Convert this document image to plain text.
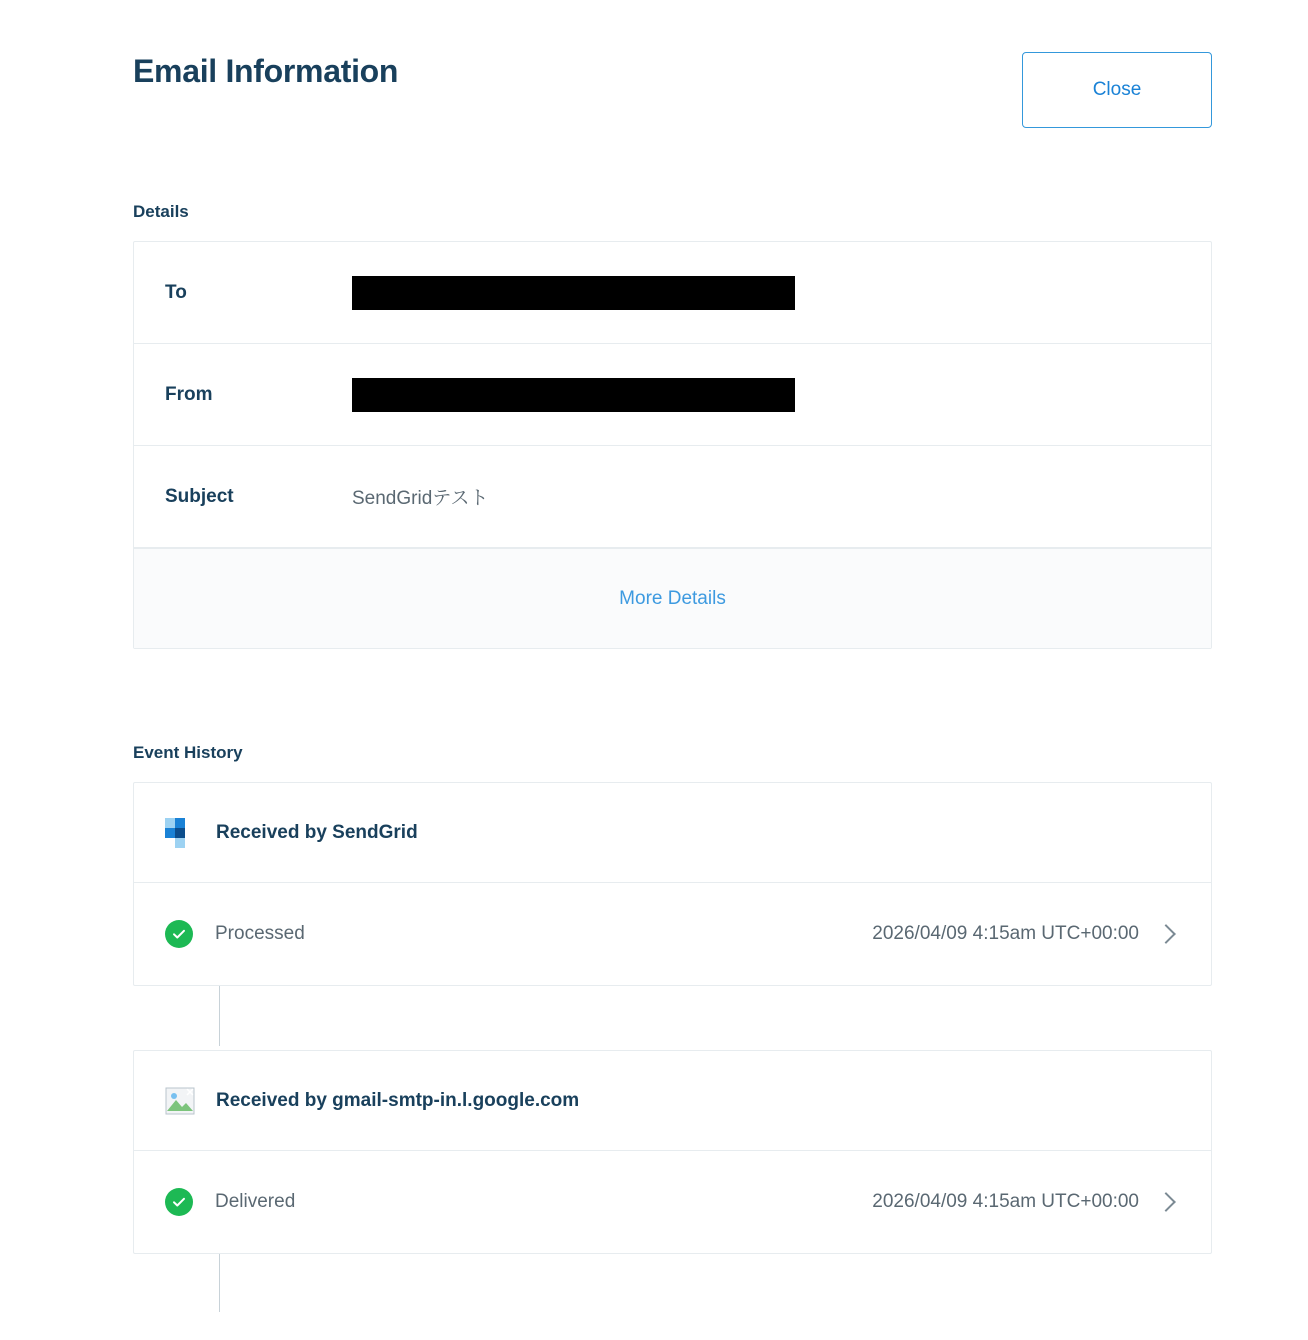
Email Information
Close
Details
To
From
Subject	SendGridテスト
More Details
Event History
Received by SendGrid
Processed	2026/04/09 4:15am UTC+00:00
Received by gmail-smtp-in.l.google.com
Delivered	2026/04/09 4:15am UTC+00:00
